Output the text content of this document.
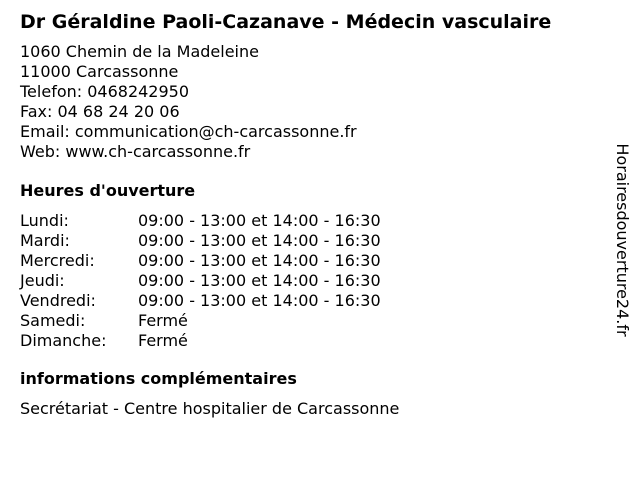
Dr Géraldine Paoli-Cazanave - Médecin vasculaire
1060 Chemin de la Madeleine
11000 Carcassonne
Telefon: 0468242950
Fax: 04 68 24 20 06
Email: communication@ch-carcassonne.fr
Web: www.ch-carcassonne.fr
Heures d'ouverture
Lundi:	09:00 - 13:00 et 14:00 - 16:30
Mardi:	09:00 - 13:00 et 14:00 - 16:30
Mercredi:	09:00 - 13:00 et 14:00 - 16:30
Jeudi:	09:00 - 13:00 et 14:00 - 16:30
Vendredi:	09:00 - 13:00 et 14:00 - 16:30
Samedi:	Fermé
Dimanche:	Fermé
informations complémentaires
Secrétariat - Centre hospitalier de Carcassonne
Horairesdouverture24.fr
